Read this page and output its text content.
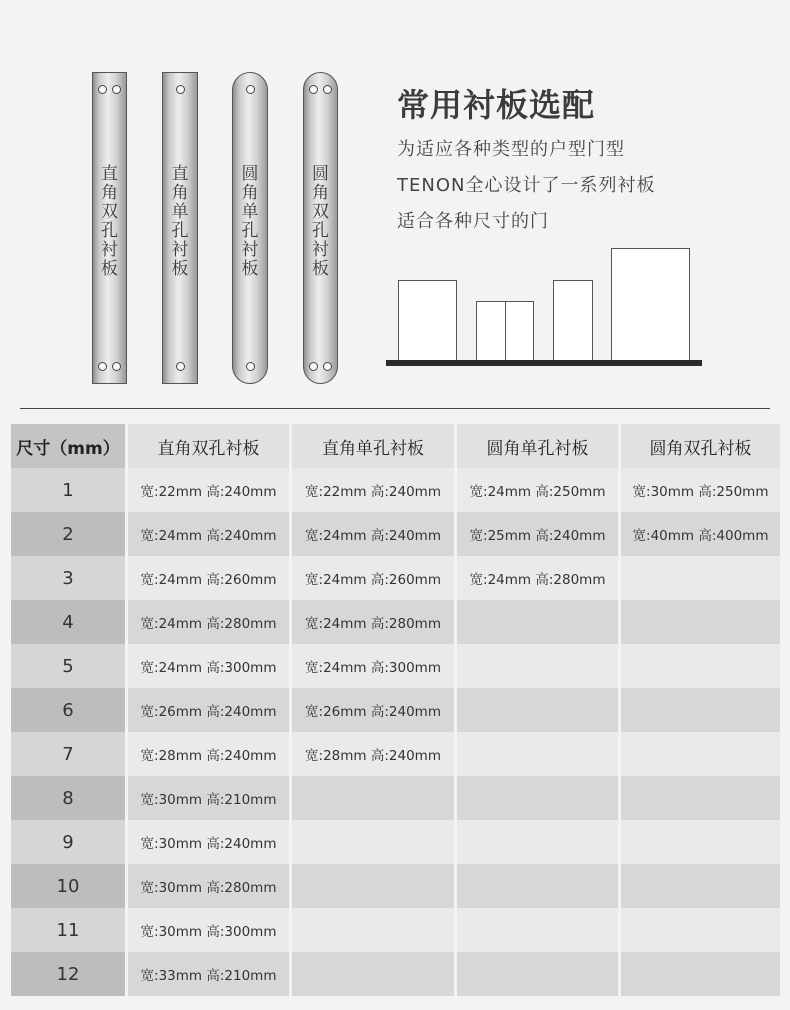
直
角
双
孔
衬
板
直
角
单
孔
衬
板
圆
角
单
孔
衬
板
圆
角
双
孔
衬
板
常用衬板选配
为适应各种类型的户型门型
TENON全心设计了一系列衬板
适合各种尺寸的门
尺寸（mm）	直角双孔衬板	直角单孔衬板	圆角单孔衬板	圆角双孔衬板
1	宽:22mm 高:240mm	宽:22mm 高:240mm	宽:24mm 高:250mm	宽:30mm 高:250mm
2	宽:24mm 高:240mm	宽:24mm 高:240mm	宽:25mm 高:240mm	宽:40mm 高:400mm
3	宽:24mm 高:260mm	宽:24mm 高:260mm	宽:24mm 高:280mm
4	宽:24mm 高:280mm	宽:24mm 高:280mm
5	宽:24mm 高:300mm	宽:24mm 高:300mm
6	宽:26mm 高:240mm	宽:26mm 高:240mm
7	宽:28mm 高:240mm	宽:28mm 高:240mm
8	宽:30mm 高:210mm
9	宽:30mm 高:240mm
10	宽:30mm 高:280mm
11	宽:30mm 高:300mm
12	宽:33mm 高:210mm
